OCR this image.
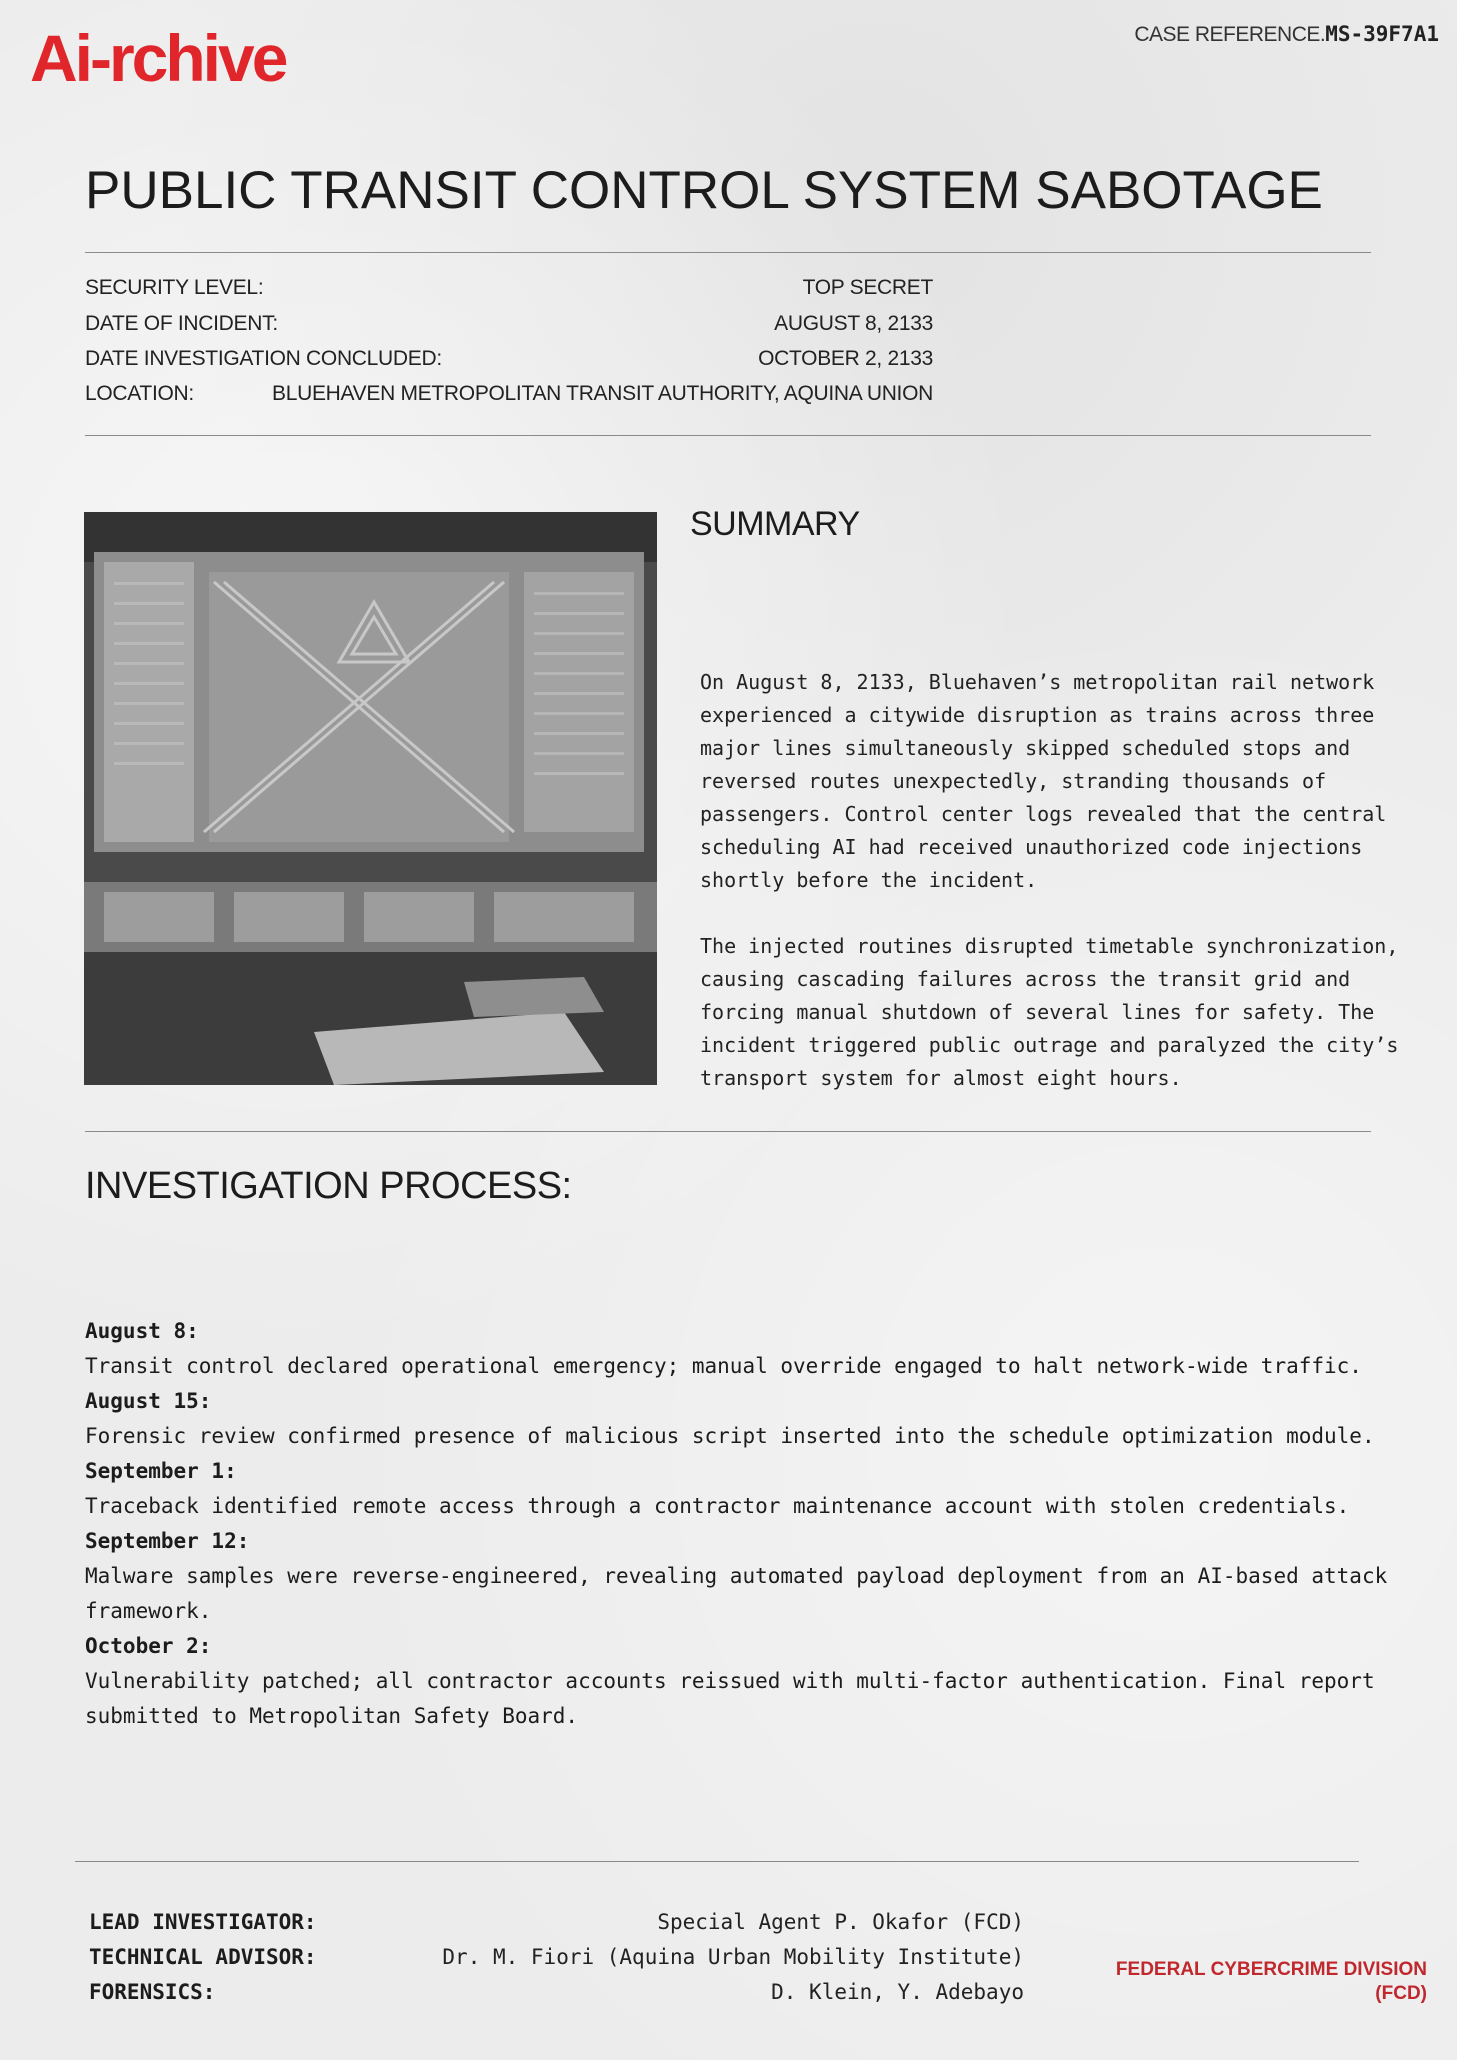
Ai-rchive	CASE REFERENCE.MS-39F7A1
PUBLIC TRANSIT CONTROL SYSTEM SABOTAGE
SECURITY LEVEL:	TOP SECRET
DATE OF INCIDENT:	AUGUST 8, 2133
DATE INVESTIGATION CONCLUDED:	OCTOBER 2, 2133
LOCATION:	BLUEHAVEN METROPOLITAN TRANSIT AUTHORITY, AQUINA UNION
SUMMARY

On August 8, 2133, Bluehaven’s metropolitan rail network experienced a citywide disruption as trains across three major lines simultaneously skipped scheduled stops and reversed routes unexpectedly, stranding thousands of passengers. Control center logs revealed that the central scheduling AI had received unauthorized code injections shortly before the incident.

The injected routines disrupted timetable synchronization, causing cascading failures across the transit grid and forcing manual shutdown of several lines for safety. The incident triggered public outrage and paralyzed the city’s transport system for almost eight hours.

INVESTIGATION PROCESS:
August 8:
Transit control declared operational emergency; manual override engaged to halt network-wide traffic.
August 15:
Forensic review confirmed presence of malicious script inserted into the schedule optimization module.
September 1:
Traceback identified remote access through a contractor maintenance account with stolen credentials.
September 12:
Malware samples were reverse-engineered, revealing automated payload deployment from an AI-based attack framework.
October 2:
Vulnerability patched; all contractor accounts reissued with multi-factor authentication. Final report submitted to Metropolitan Safety Board.
LEAD INVESTIGATOR:	Special Agent P. Okafor (FCD)
TECHNICAL ADVISOR:	Dr. M. Fiori (Aquina Urban Mobility Institute)
FORENSICS:	D. Klein, Y. Adebayo
FEDERAL CYBERCRIME DIVISION
(FCD)
